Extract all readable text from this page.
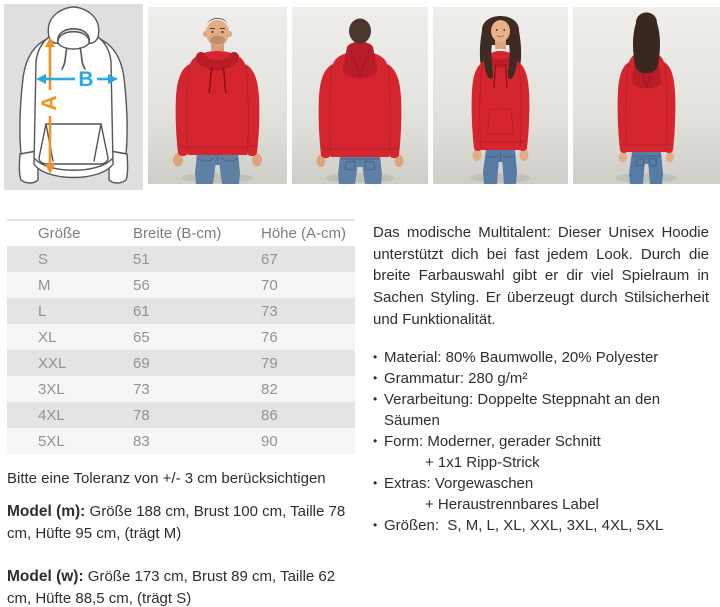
A
B
Größe	Breite (B-cm)	Höhe (A-cm)
S	51	67
M	56	70
L	61	73
XL	65	76
XXL	69	79
3XL	73	82
4XL	78	86
5XL	83	90

Das modische Multitalent: Dieser Unisex Hoodie unterstützt dich bei fast jedem Look. Durch die breite Farbauswahl gibt er dir viel Spielraum in Sachen Styling. Er überzeugt durch Stilsicherheit und Funktionalität.

• Material: 80% Baumwolle, 20% Polyester
• Grammatur: 280 g/m²
• Verarbeitung: Doppelte Steppnaht an den Säumen
• Form: Moderner, gerader Schnitt
+ 1x1 Ripp-Strick
• Extras: Vorgewaschen
+ Heraustrennbares Label
• Größen:  S, M, L, XL, XXL, 3XL, 4XL, 5XL

Bitte eine Toleranz von +/- 3 cm berücksichtigen

Model (m): Größe 188 cm, Brust 100 cm, Taille 78 cm, Hüfte 95 cm, (trägt M)

Model (w): Größe 173 cm, Brust 89 cm, Taille 62 cm, Hüfte 88,5 cm, (trägt S)
